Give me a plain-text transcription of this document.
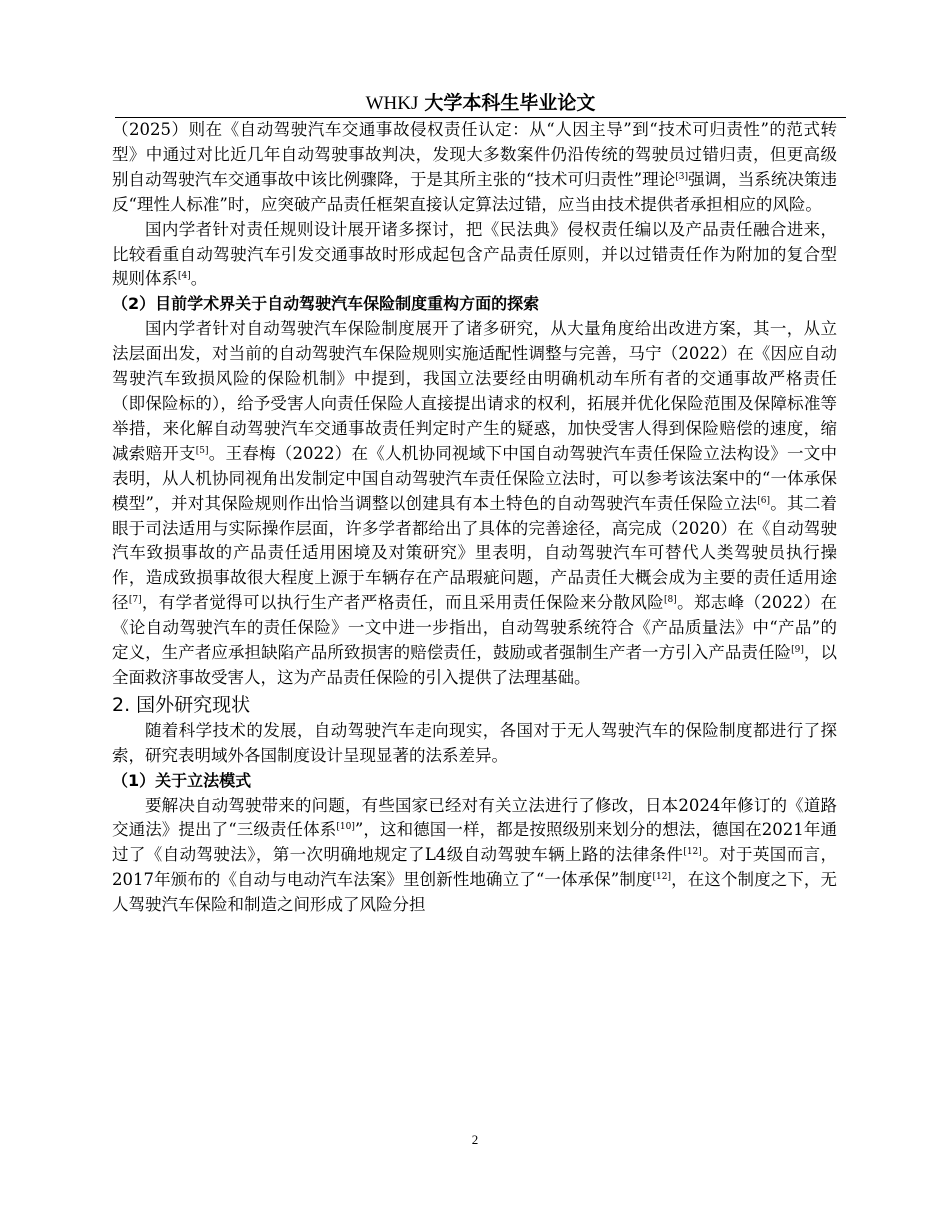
WHKJ 大学本科生毕业论文

（2025）则在《自动驾驶汽车交通事故侵权责任认定：从“人因主导”到“技术可归责性”的范式转型》中通过对比近几年自动驾驶事故判决，发现大多数案件仍沿传统的驾驶员过错归责，但更高级别自动驾驶汽车交通事故中该比例骤降，于是其所主张的“技术可归责性”理论[3]强调，当系统决策违反“理性人标准”时，应突破产品责任框架直接认定算法过错，应当由技术提供者承担相应的风险。

国内学者针对责任规则设计展开诸多探讨，把《民法典》侵权责任编以及产品责任融合进来，比较看重自动驾驶汽车引发交通事故时形成起包含产品责任原则，并以过错责任作为附加的复合型规则体系[4]。

（2）目前学术界关于自动驾驶汽车保险制度重构方面的探索

国内学者针对自动驾驶汽车保险制度展开了诸多研究，从大量角度给出改进方案，其一，从立法层面出发，对当前的自动驾驶汽车保险规则实施适配性调整与完善，马宁（2022）在《因应自动驾驶汽车致损风险的保险机制》中提到，我国立法要经由明确机动车所有者的交通事故严格责任（即保险标的），给予受害人向责任保险人直接提出请求的权利，拓展并优化保险范围及保障标准等举措，来化解自动驾驶汽车交通事故责任判定时产生的疑惑，加快受害人得到保险赔偿的速度，缩减索赔开支[5]。王春梅（2022）在《人机协同视域下中国自动驾驶汽车责任保险立法构设》一文中表明，从人机协同视角出发制定中国自动驾驶汽车责任保险立法时，可以参考该法案中的“一体承保模型”，并对其保险规则作出恰当调整以创建具有本土特色的自动驾驶汽车责任保险立法[6]。其二着眼于司法适用与实际操作层面，许多学者都给出了具体的完善途径，高完成（2020）在《自动驾驶汽车致损事故的产品责任适用困境及对策研究》里表明，自动驾驶汽车可替代人类驾驶员执行操作，造成致损事故很大程度上源于车辆存在产品瑕疵问题，产品责任大概会成为主要的责任适用途径[7]，有学者觉得可以执行生产者严格责任，而且采用责任保险来分散风险[8]。郑志峰（2022）在《论自动驾驶汽车的责任保险》一文中进一步指出，自动驾驶系统符合《产品质量法》中“产品”的定义，生产者应承担缺陷产品所致损害的赔偿责任，鼓励或者强制生产者一方引入产品责任险[9]，以全面救济事故受害人，这为产品责任保险的引入提供了法理基础。

2. 国外研究现状

随着科学技术的发展，自动驾驶汽车走向现实，各国对于无人驾驶汽车的保险制度都进行了探索，研究表明域外各国制度设计呈现显著的法系差异。

（1）关于立法模式

要解决自动驾驶带来的问题，有些国家已经对有关立法进行了修改，日本2024年修订的《道路交通法》提出了“三级责任体系[10]”，这和德国一样，都是按照级别来划分的想法，德国在2021年通过了《自动驾驶法》，第一次明确地规定了L4级自动驾驶车辆上路的法律条件[12]。对于英国而言，2017年颁布的《自动与电动汽车法案》里创新性地确立了“一体承保”制度[12]，在这个制度之下，无人驾驶汽车保险和制造之间形成了风险分担

2
